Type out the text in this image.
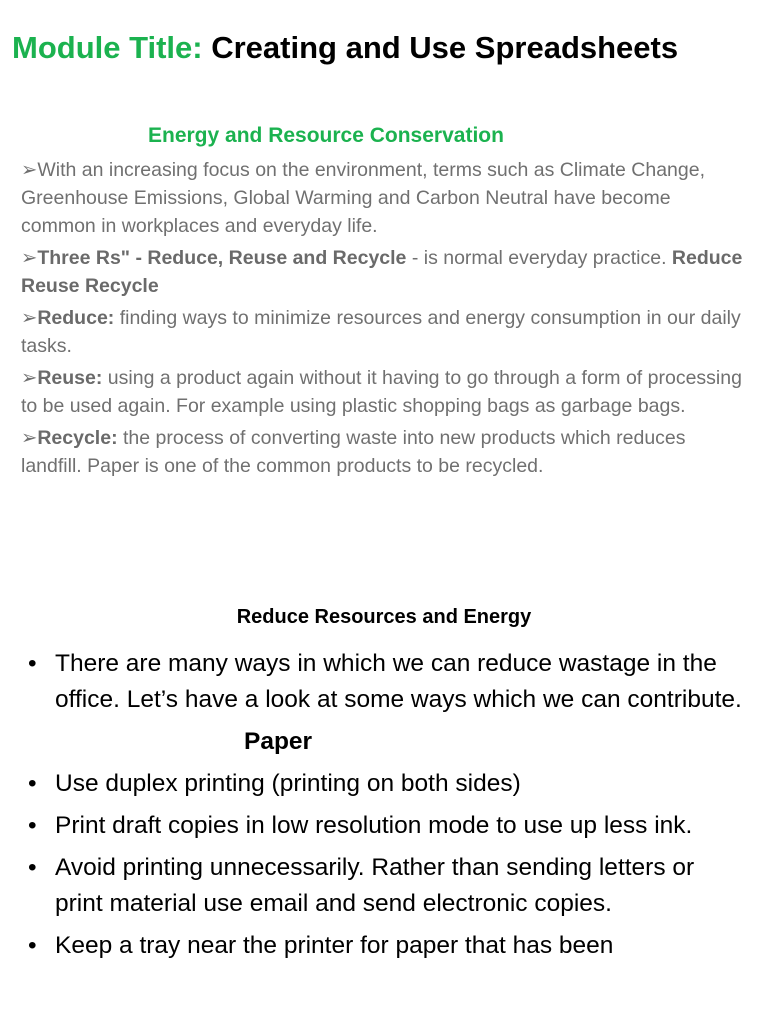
Module Title: Creating and Use Spreadsheets
Energy and Resource Conservation

➢With an increasing focus on the environment, terms such as Climate Change, Greenhouse Emissions, Global Warming and Carbon Neutral have become common in workplaces and everyday life.

➢Three Rs" - Reduce, Reuse and Recycle - is normal everyday practice. Reduce Reuse Recycle

➢Reduce: finding ways to minimize resources and energy consumption in our daily tasks.

➢Reuse: using a product again without it having to go through a form of processing to be used again. For example using plastic shopping bags as garbage bags.

➢Recycle: the process of converting waste into new products which reduces landfill. Paper is one of the common products to be recycled.

Reduce Resources and Energy
• There are many ways in which we can reduce wastage in the office. Let’s have a look at some ways which we can contribute.
Paper
• Use duplex printing (printing on both sides)
• Print draft copies in low resolution mode to use up less ink.
• Avoid printing unnecessarily. Rather than sending letters or print material use email and send electronic copies.
• Keep a tray near the printer for paper that has been
